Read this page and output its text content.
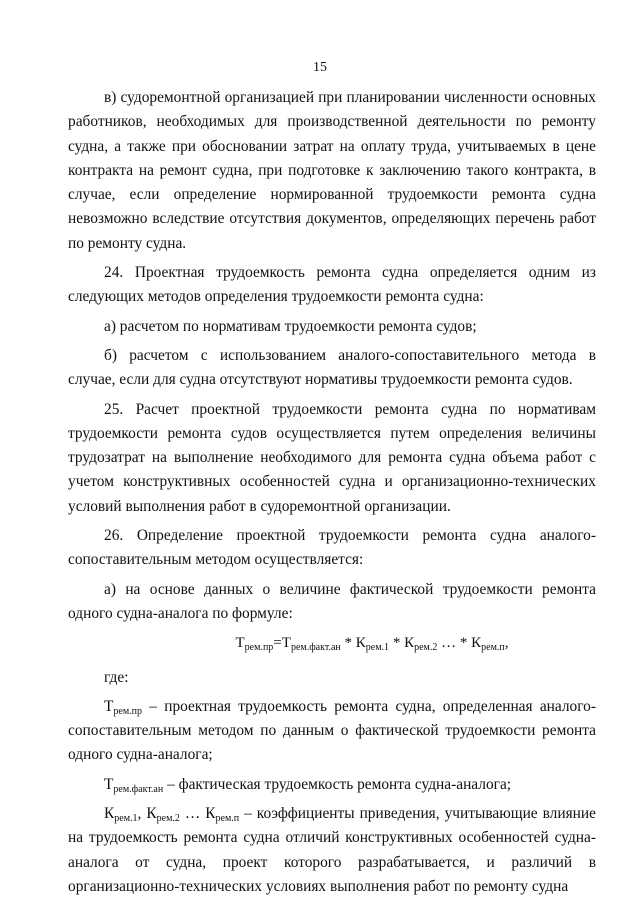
15

в) судоремонтной организацией при планировании численности основных работников, необходимых для производственной деятельности по ремонту судна, а также при обосновании затрат на оплату труда, учитываемых в цене контракта на ремонт судна, при подготовке к заключению такого контракта, в случае, если определение нормированной трудоемкости ремонта судна невозможно вследствие отсутствия документов, определяющих перечень работ по ремонту судна.

24. Проектная трудоемкость ремонта судна определяется одним из следующих методов определения трудоемкости ремонта судна:

а) расчетом по нормативам трудоемкости ремонта судов;

б) расчетом с использованием аналого-сопоставительного метода в случае, если для судна отсутствуют нормативы трудоемкости ремонта судов.

25. Расчет проектной трудоемкости ремонта судна по нормативам трудоемкости ремонта судов осуществляется путем определения величины трудозатрат на выполнение необходимого для ремонта судна объема работ с учетом конструктивных особенностей судна и организационно-технических условий выполнения работ в судоремонтной организации.

26. Определение проектной трудоемкости ремонта судна аналого-сопоставительным методом осуществляется:

а) на основе данных о величине фактической трудоемкости ремонта одного судна-аналога по формуле:

$Т_{рем.пр}=Т_{рем.факт.ан} * К_{рем.1} * К_{рем.2}$ … * $К_{рем.п}$,

где:

$Т_{рем.пр}$ – проектная трудоемкость ремонта судна, определенная аналого-сопоставительным методом по данным о фактической трудоемкости ремонта одного судна-аналога;

$Т_{рем.факт.ан}$ – фактическая трудоемкость ремонта судна-аналога;

$К_{рем.1}$, $К_{рем.2}$ … $К_{рем.п}$ – коэффициенты приведения, учитывающие влияние на трудоемкость ремонта судна отличий конструктивных особенностей судна-аналога от судна, проект которого разрабатывается, и различий в организационно-технических условиях выполнения работ по ремонту судна
